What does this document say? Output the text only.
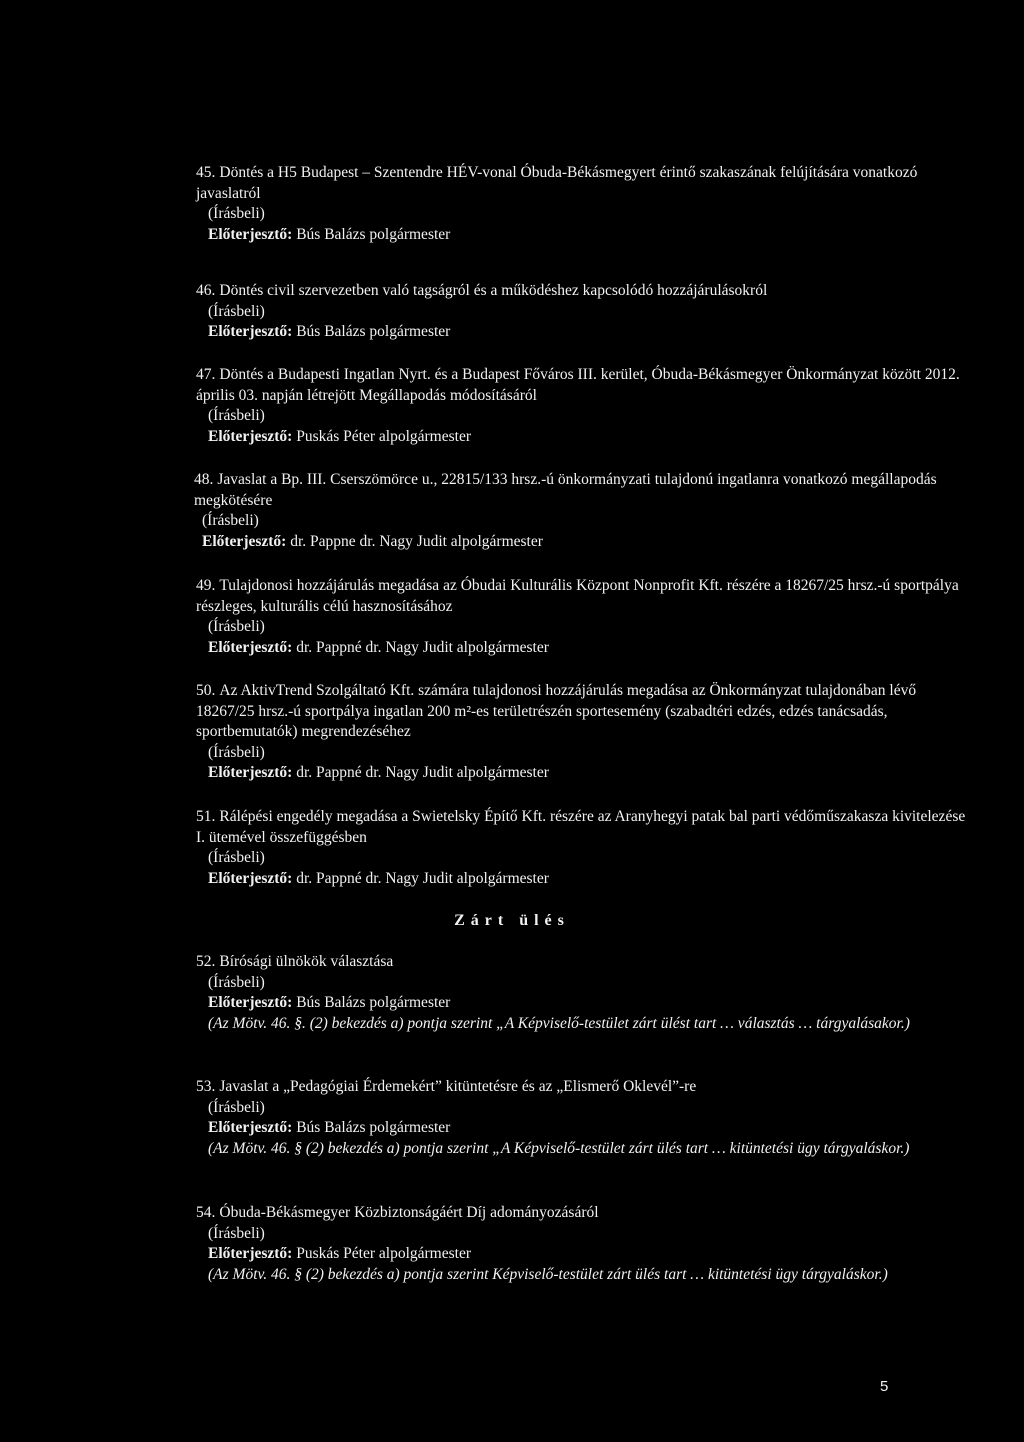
45. Döntés a H5 Budapest – Szentendre HÉV-vonal Óbuda-Békásmegyert érintő szakaszának felújítására vonatkozó javaslatról

(Írásbeli)

Előterjesztő: Bús Balázs polgármester

46. Döntés civil szervezetben való tagságról és a működéshez kapcsolódó hozzájárulásokról

(Írásbeli)

Előterjesztő: Bús Balázs polgármester

47. Döntés a Budapesti Ingatlan Nyrt. és a Budapest Főváros III. kerület, Óbuda-Békásmegyer Önkormányzat között 2012. április 03. napján létrejött Megállapodás módosításáról

(Írásbeli)

Előterjesztő: Puskás Péter alpolgármester

48. Javaslat a Bp. III. Cserszömörce u., 22815/133 hrsz.-ú önkormányzati tulajdonú ingatlanra vonatkozó megállapodás megkötésére

(Írásbeli)

Előterjesztő: dr. Pappne dr. Nagy Judit alpolgármester

49. Tulajdonosi hozzájárulás megadása az Óbudai Kulturális Központ Nonprofit Kft. részére a 18267/25 hrsz.-ú sportpálya részleges, kulturális célú hasznosításához

(Írásbeli)

Előterjesztő: dr. Pappné dr. Nagy Judit alpolgármester

50. Az AktivTrend Szolgáltató Kft. számára tulajdonosi hozzájárulás megadása az Önkormányzat tulajdonában lévő 18267/25 hrsz.-ú sportpálya ingatlan 200 m²-es területrészén sportesemény (szabadtéri edzés, edzés tanácsadás, sportbemutatók) megrendezéséhez

(Írásbeli)

Előterjesztő: dr. Pappné dr. Nagy Judit alpolgármester

51. Rálépési engedély megadása a Swietelsky Építő Kft. részére az Aranyhegyi patak bal parti védőműszakasza kivitelezése I. ütemével összefüggésben

(Írásbeli)

Előterjesztő: dr. Pappné dr. Nagy Judit alpolgármester

Zárt ülés

52. Bírósági ülnökök választása

(Írásbeli)

Előterjesztő: Bús Balázs polgármester

(Az Mötv. 46. §. (2) bekezdés a) pontja szerint „A Képviselő-testület zárt ülést tart … választás … tárgyalásakor.)

53. Javaslat a „Pedagógiai Érdemekért” kitüntetésre és az „Elismerő Oklevél”-re

(Írásbeli)

Előterjesztő: Bús Balázs polgármester

(Az Mötv. 46. § (2) bekezdés a) pontja szerint „A Képviselő-testület zárt ülés tart … kitüntetési ügy tárgyaláskor.)

54. Óbuda-Békásmegyer Közbiztonságáért Díj adományozásáról

(Írásbeli)

Előterjesztő: Puskás Péter alpolgármester

(Az Mötv. 46. § (2) bekezdés a) pontja szerint Képviselő-testület zárt ülés tart … kitüntetési ügy tárgyaláskor.)

5
